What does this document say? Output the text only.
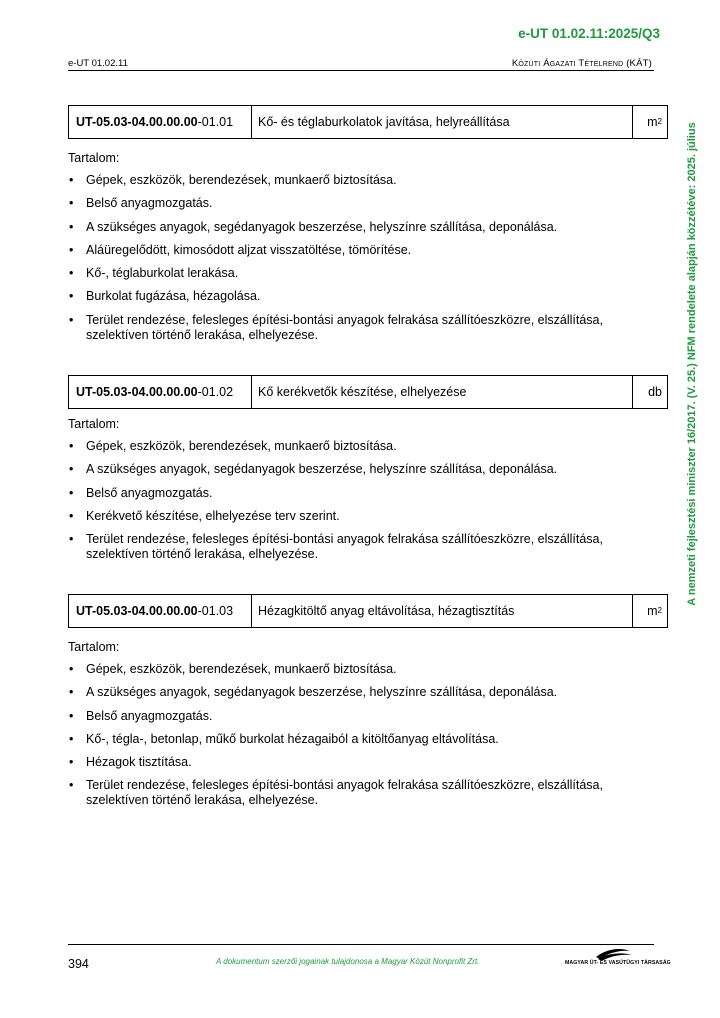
e-UT 01.02.11:2025/Q3
e-UT 01.02.11	Közúti Ágazati Tételrend (KÁT)
A nemzeti fejlesztési miniszter 16/2017. (V. 25.) NFM rendelete alapján közzétéve: 2025. július
UT-05.03-04.00.00.00 -01.01	Kő- és téglaburkolatok javítása, helyreállítása	$m^2$
Tartalom:
• Gépek, eszközök, berendezések, munkaerő biztosítása.
• Belső anyagmozgatás.
• A szükséges anyagok, segédanyagok beszerzése, helyszínre szállítása, deponálása.
• Aláüregelődött, kimosódott aljzat visszatöltése, tömörítése.
• Kő-, téglaburkolat lerakása.
• Burkolat fugázása, hézagolása.
• Terület rendezése, felesleges építési-bontási anyagok felrakása szállítóeszközre, elszállítása, szelektíven történő lerakása, elhelyezése.
UT-05.03-04.00.00.00 -01.02	Kő kerékvetők készítése, elhelyezése	db
Tartalom:
• Gépek, eszközök, berendezések, munkaerő biztosítása.
• A szükséges anyagok, segédanyagok beszerzése, helyszínre szállítása, deponálása.
• Belső anyagmozgatás.
• Kerékvető készítése, elhelyezése terv szerint.
• Terület rendezése, felesleges építési-bontási anyagok felrakása szállítóeszközre, elszállítása, szelektíven történő lerakása, elhelyezése.
UT-05.03-04.00.00.00 -01.03	Hézagkitöltő anyag eltávolítása, hézagtisztítás	$m^2$
Tartalom:
• Gépek, eszközök, berendezések, munkaerő biztosítása.
• A szükséges anyagok, segédanyagok beszerzése, helyszínre szállítása, deponálása.
• Belső anyagmozgatás.
• Kő-, tégla-, betonlap, műkő burkolat hézagaiból a kitöltőanyag eltávolítása.
• Hézagok tisztítása.
• Terület rendezése, felesleges építési-bontási anyagok felrakása szállítóeszközre, elszállítása, szelektíven történő lerakása, elhelyezése.
394	A dokumentum szerzői jogainak tulajdonosa a Magyar Közút Nonprofit Zrt.	MAGYAR ÚT- ÉS VASÚTÜGYI TÁRSASÁG
